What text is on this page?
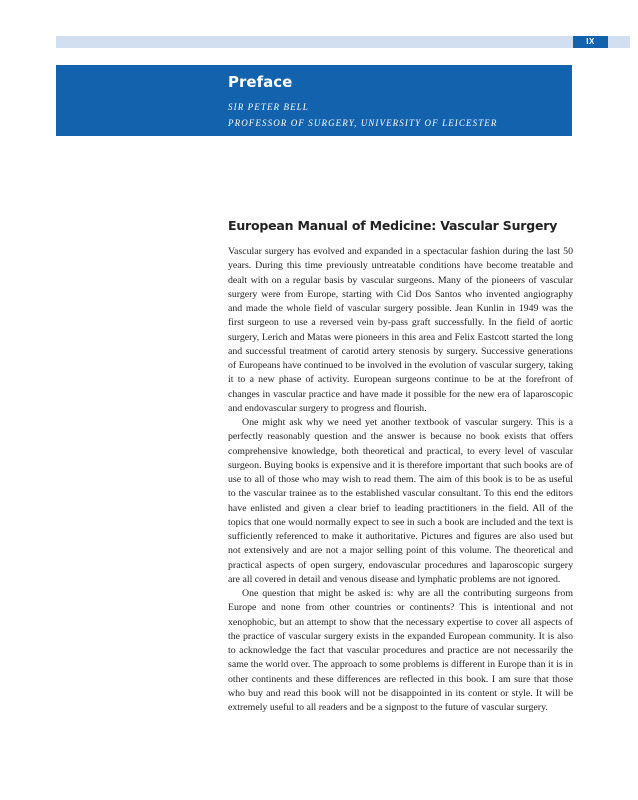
IX
Preface
SIR PETER BELL
PROFESSOR OF SURGERY, UNIVERSITY OF LEICESTER
European Manual of Medicine: Vascular Surgery

Vascular surgery has evolved and expanded in a spectacular fashion during the last 50 years. During this time previously untreatable conditions have become treatable and dealt with on a regular basis by vascular surgeons. Many of the pioneers of vascular surgery were from Europe, starting with Cid Dos Santos who invented angiography and made the whole field of vascular surgery possible. Jean Kunlin in 1949 was the first surgeon to use a reversed vein by-pass graft successfully. In the field of aortic surgery, Lerich and Matas were pioneers in this area and Felix Eastcott started the long and successful treatment of carotid artery stenosis by surgery. Successive generations of Europeans have continued to be involved in the evolution of vascular surgery, taking it to a new phase of activity. European surgeons continue to be at the forefront of changes in vascular practice and have made it possible for the new era of laparoscopic and endovascular surgery to progress and flourish.

One might ask why we need yet another textbook of vascular surgery. This is a perfectly reasonably question and the answer is because no book exists that offers comprehensive knowledge, both theoretical and practical, to every level of vascular surgeon. Buying books is expensive and it is therefore important that such books are of use to all of those who may wish to read them. The aim of this book is to be as useful to the vascular trainee as to the established vascular consultant. To this end the editors have enlisted and given a clear brief to leading practitioners in the field. All of the topics that one would normally expect to see in such a book are included and the text is sufficiently referenced to make it authoritative. Pictures and figures are also used but not extensively and are not a major selling point of this volume. The theoretical and practical aspects of open surgery, endovascular procedures and laparoscopic surgery are all covered in detail and venous disease and lymphatic problems are not ignored.

One question that might be asked is: why are all the contributing surgeons from Europe and none from other countries or continents? This is intentional and not xenophobic, but an attempt to show that the necessary expertise to cover all aspects of the practice of vascular surgery exists in the expanded European community. It is also to acknowledge the fact that vascular procedures and practice are not necessarily the same the world over. The approach to some problems is different in Europe than it is in other continents and these differences are reflected in this book. I am sure that those who buy and read this book will not be disappointed in its content or style. It will be extremely useful to all readers and be a signpost to the future of vascular surgery.
